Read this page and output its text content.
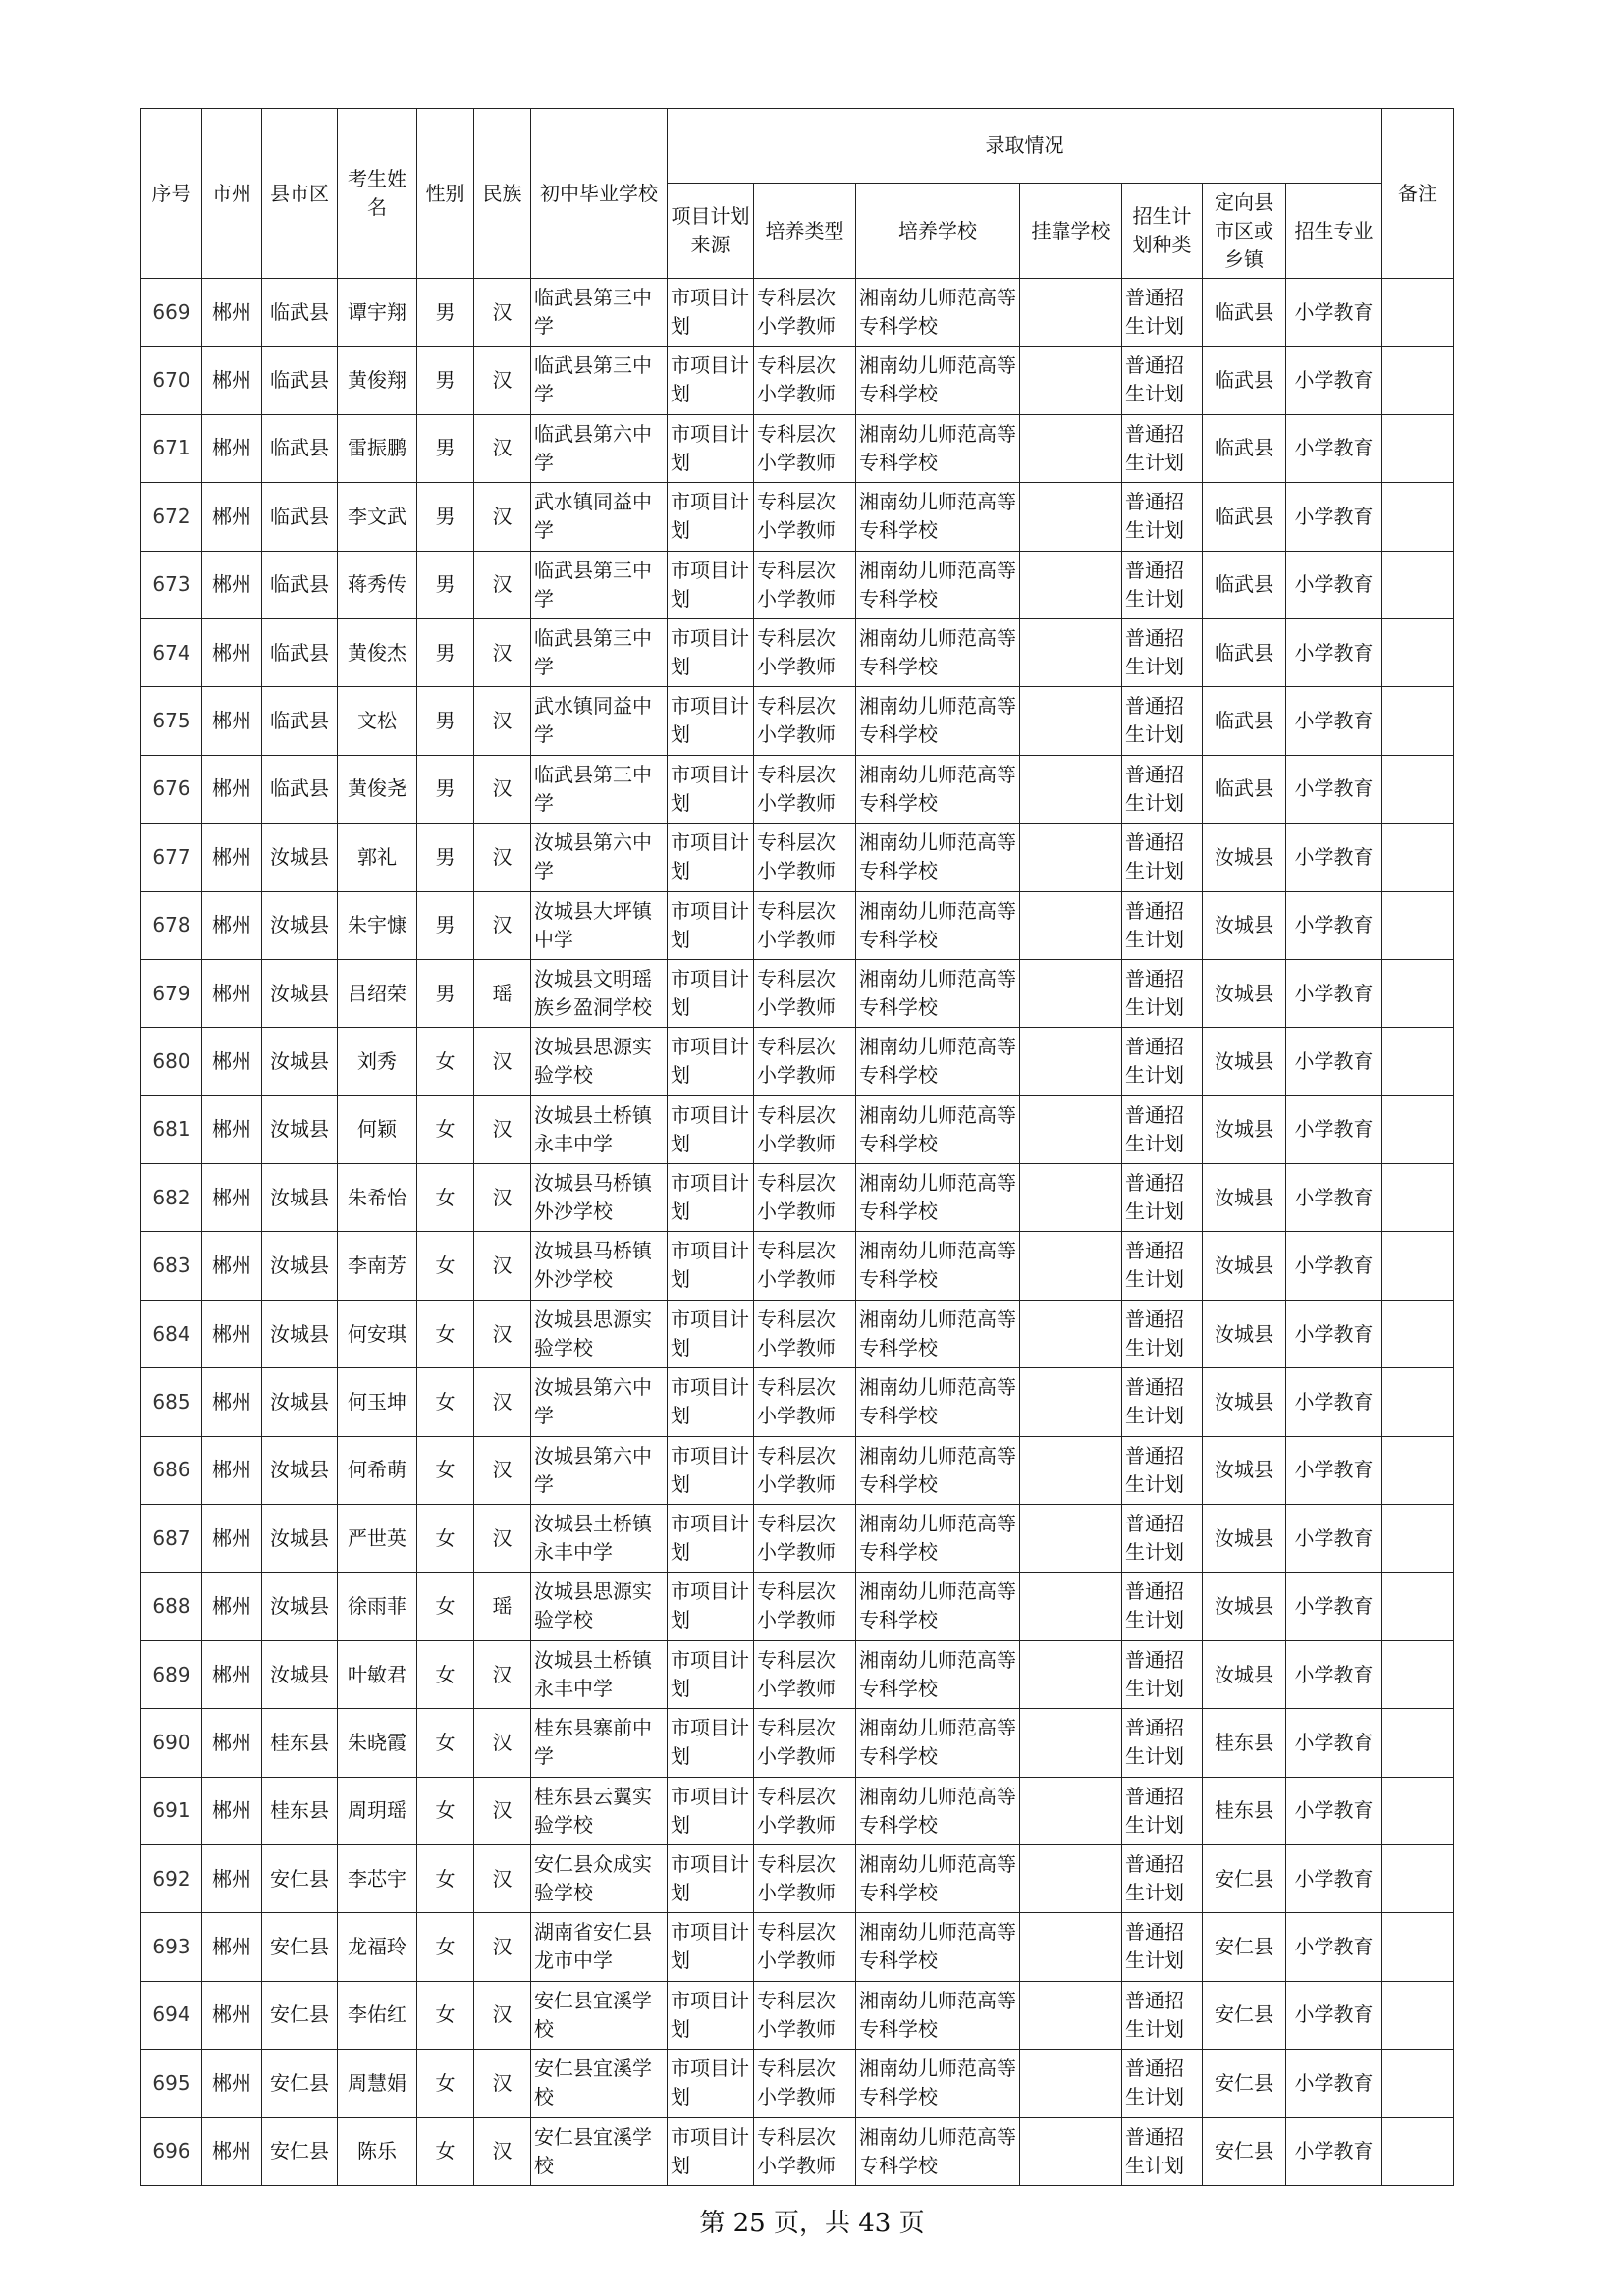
序号	市州	县市区	考生姓名	性别	民族	初中毕业学校	录取情况							备注
							项目计划来源	培养类型	培养学校	挂靠学校	招生计划种类	定向县市区或乡镇	招生专业	
669	郴州	临武县	谭宇翔	男	汉	临武县第三中学	市项目计划	专科层次小学教师	湘南幼儿师范高等专科学校		普通招生计划	临武县	小学教育	
670	郴州	临武县	黄俊翔	男	汉	临武县第三中学	市项目计划	专科层次小学教师	湘南幼儿师范高等专科学校		普通招生计划	临武县	小学教育	
671	郴州	临武县	雷振鹏	男	汉	临武县第六中学	市项目计划	专科层次小学教师	湘南幼儿师范高等专科学校		普通招生计划	临武县	小学教育	
672	郴州	临武县	李文武	男	汉	武水镇同益中学	市项目计划	专科层次小学教师	湘南幼儿师范高等专科学校		普通招生计划	临武县	小学教育	
673	郴州	临武县	蒋秀传	男	汉	临武县第三中学	市项目计划	专科层次小学教师	湘南幼儿师范高等专科学校		普通招生计划	临武县	小学教育	
674	郴州	临武县	黄俊杰	男	汉	临武县第三中学	市项目计划	专科层次小学教师	湘南幼儿师范高等专科学校		普通招生计划	临武县	小学教育	
675	郴州	临武县	文松	男	汉	武水镇同益中学	市项目计划	专科层次小学教师	湘南幼儿师范高等专科学校		普通招生计划	临武县	小学教育	
676	郴州	临武县	黄俊尧	男	汉	临武县第三中学	市项目计划	专科层次小学教师	湘南幼儿师范高等专科学校		普通招生计划	临武县	小学教育	
677	郴州	汝城县	郭礼	男	汉	汝城县第六中学	市项目计划	专科层次小学教师	湘南幼儿师范高等专科学校		普通招生计划	汝城县	小学教育	
678	郴州	汝城县	朱宇慷	男	汉	汝城县大坪镇中学	市项目计划	专科层次小学教师	湘南幼儿师范高等专科学校		普通招生计划	汝城县	小学教育	
679	郴州	汝城县	吕绍荣	男	瑶	汝城县文明瑶族乡盈洞学校	市项目计划	专科层次小学教师	湘南幼儿师范高等专科学校		普通招生计划	汝城县	小学教育	
680	郴州	汝城县	刘秀	女	汉	汝城县思源实验学校	市项目计划	专科层次小学教师	湘南幼儿师范高等专科学校		普通招生计划	汝城县	小学教育	
681	郴州	汝城县	何颖	女	汉	汝城县土桥镇永丰中学	市项目计划	专科层次小学教师	湘南幼儿师范高等专科学校		普通招生计划	汝城县	小学教育	
682	郴州	汝城县	朱希怡	女	汉	汝城县马桥镇外沙学校	市项目计划	专科层次小学教师	湘南幼儿师范高等专科学校		普通招生计划	汝城县	小学教育	
683	郴州	汝城县	李南芳	女	汉	汝城县马桥镇外沙学校	市项目计划	专科层次小学教师	湘南幼儿师范高等专科学校		普通招生计划	汝城县	小学教育	
684	郴州	汝城县	何安琪	女	汉	汝城县思源实验学校	市项目计划	专科层次小学教师	湘南幼儿师范高等专科学校		普通招生计划	汝城县	小学教育	
685	郴州	汝城县	何玉坤	女	汉	汝城县第六中学	市项目计划	专科层次小学教师	湘南幼儿师范高等专科学校		普通招生计划	汝城县	小学教育	
686	郴州	汝城县	何希萌	女	汉	汝城县第六中学	市项目计划	专科层次小学教师	湘南幼儿师范高等专科学校		普通招生计划	汝城县	小学教育	
687	郴州	汝城县	严世英	女	汉	汝城县土桥镇永丰中学	市项目计划	专科层次小学教师	湘南幼儿师范高等专科学校		普通招生计划	汝城县	小学教育	
688	郴州	汝城县	徐雨菲	女	瑶	汝城县思源实验学校	市项目计划	专科层次小学教师	湘南幼儿师范高等专科学校		普通招生计划	汝城县	小学教育	
689	郴州	汝城县	叶敏君	女	汉	汝城县土桥镇永丰中学	市项目计划	专科层次小学教师	湘南幼儿师范高等专科学校		普通招生计划	汝城县	小学教育	
690	郴州	桂东县	朱晓霞	女	汉	桂东县寨前中学	市项目计划	专科层次小学教师	湘南幼儿师范高等专科学校		普通招生计划	桂东县	小学教育	
691	郴州	桂东县	周玥瑶	女	汉	桂东县云翼实验学校	市项目计划	专科层次小学教师	湘南幼儿师范高等专科学校		普通招生计划	桂东县	小学教育	
692	郴州	安仁县	李芯宇	女	汉	安仁县众成实验学校	市项目计划	专科层次小学教师	湘南幼儿师范高等专科学校		普通招生计划	安仁县	小学教育	
693	郴州	安仁县	龙福玲	女	汉	湖南省安仁县龙市中学	市项目计划	专科层次小学教师	湘南幼儿师范高等专科学校		普通招生计划	安仁县	小学教育	
694	郴州	安仁县	李佑红	女	汉	安仁县宜溪学校	市项目计划	专科层次小学教师	湘南幼儿师范高等专科学校		普通招生计划	安仁县	小学教育	
695	郴州	安仁县	周慧娟	女	汉	安仁县宜溪学校	市项目计划	专科层次小学教师	湘南幼儿师范高等专科学校		普通招生计划	安仁县	小学教育	
696	郴州	安仁县	陈乐	女	汉	安仁县宜溪学校	市项目计划	专科层次小学教师	湘南幼儿师范高等专科学校		普通招生计划	安仁县	小学教育	
第 25 页，共 43 页
